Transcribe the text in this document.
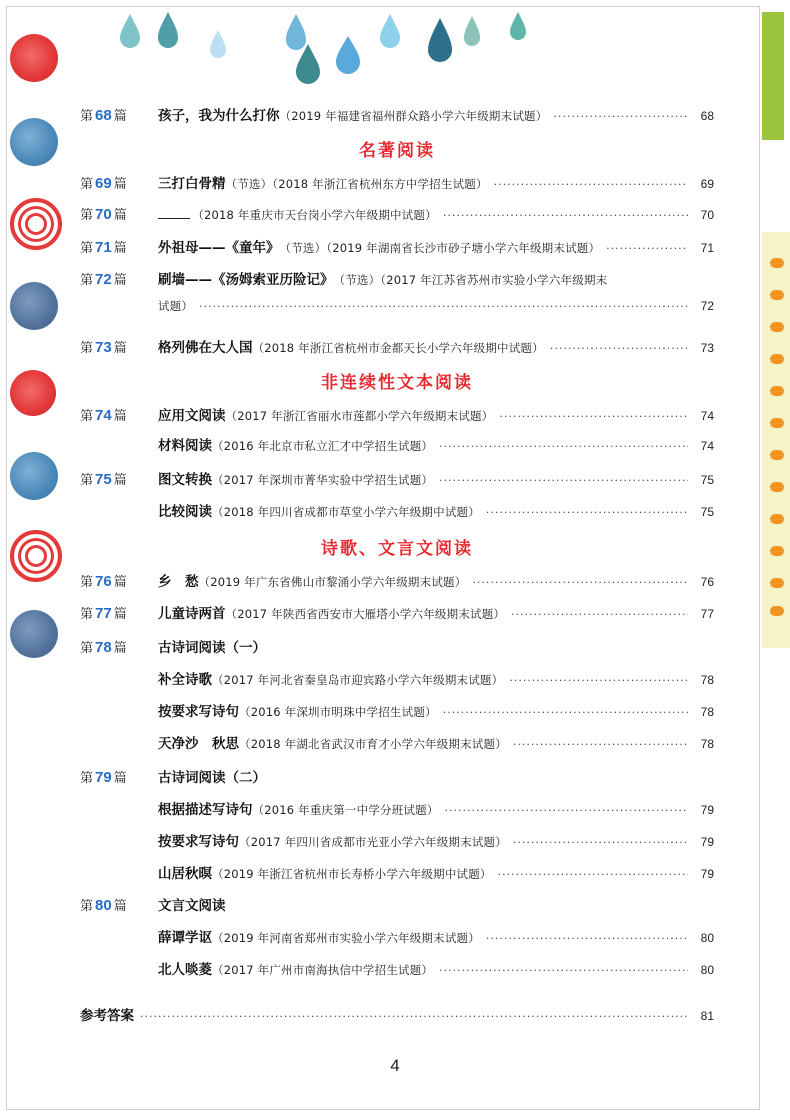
第 68 篇	孩子，我为什么打你 （2019 年福建省福州群众路小学六年级期末试题） ·····	68
名著阅读
第 69 篇	三打白骨精 （节选）（2018 年浙江省杭州东方中学招生试题） ·····	69
第 70 篇	（2018 年重庆市天台岗小学六年级期中试题） ·····	70
第 71 篇	外祖母——《童年》 （节选）（2019 年湖南省长沙市砂子塘小学六年级期末试题） ·····	71
第 72 篇	刷墙——《汤姆索亚历险记》 （节选）（2017 年江苏省苏州市实验小学六年级期末
试题） ·····	72
第 73 篇	格列佛在大人国 （2018 年浙江省杭州市金都天长小学六年级期中试题） ·····	73
非连续性文本阅读
第 74 篇	应用文阅读 （2017 年浙江省丽水市莲都小学六年级期末试题） ·····	74
材料阅读 （2016 年北京市私立汇才中学招生试题） ·····	74
第 75 篇	图文转换 （2017 年深圳市菁华实验中学招生试题） ·····	75
比较阅读 （2018 年四川省成都市草堂小学六年级期中试题） ·····	75
诗歌、文言文阅读
第 76 篇	乡　愁 （2019 年广东省佛山市黎涌小学六年级期末试题） ·····	76
第 77 篇	儿童诗两首 （2017 年陕西省西安市大雁塔小学六年级期末试题） ·····	77
第 78 篇	古诗词阅读（一）
补全诗歌 （2017 年河北省秦皇岛市迎宾路小学六年级期末试题） ·····	78
按要求写诗句 （2016 年深圳市明珠中学招生试题） ·····	78
天净沙　秋思 （2018 年湖北省武汉市育才小学六年级期末试题） ·····	78
第 79 篇	古诗词阅读（二）
根据描述写诗句 （2016 年重庆第一中学分班试题） ·····	79
按要求写诗句 （2017 年四川省成都市光亚小学六年级期末试题） ·····	79
山居秋暝 （2019 年浙江省杭州市长寿桥小学六年级期中试题） ·····	79
第 80 篇	文言文阅读
薛谭学讴 （2019 年河南省郑州市实验小学六年级期末试题） ·····	80
北人啖菱 （2017 年广州市南海执信中学招生试题） ·····	80
参考答案 ·····	81
4
